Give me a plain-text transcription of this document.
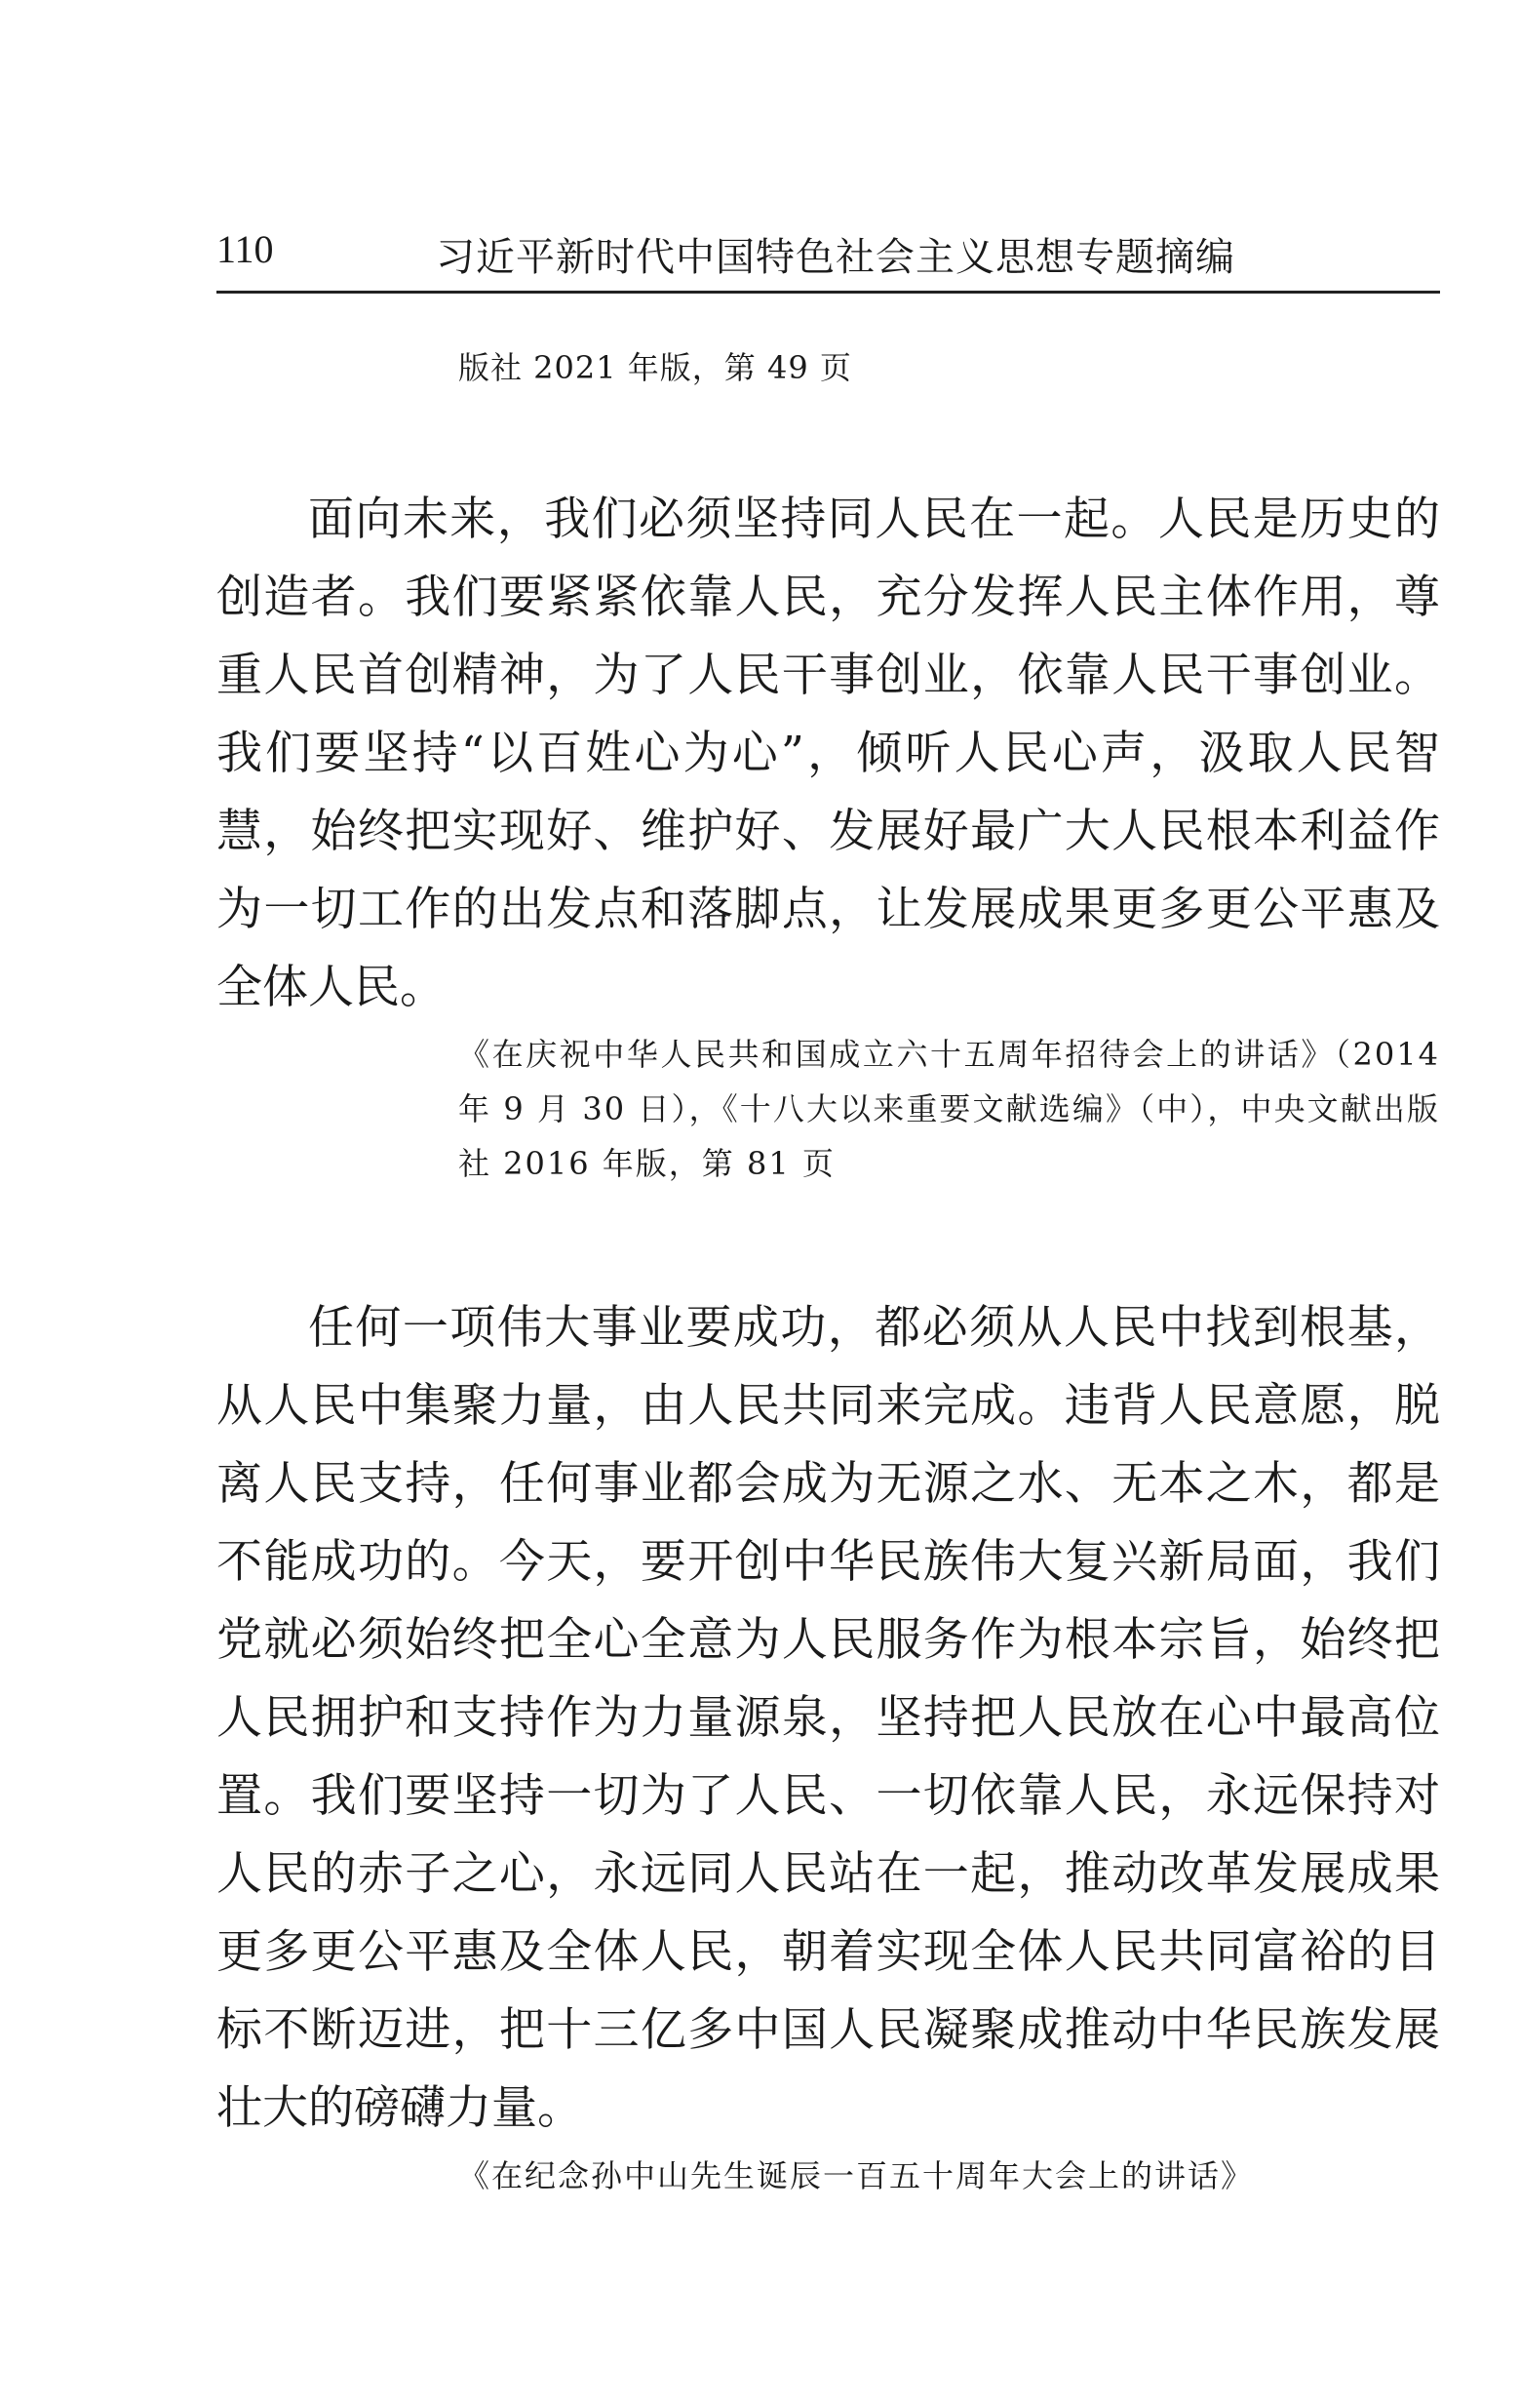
110	习近平新时代中国特色社会主义思想专题摘编
版社 2021 年版，第 49 页

面向未来，我们必须坚持同人民在一起。人民是历史的创造者。我们要紧紧依靠人民，充分发挥人民主体作用，尊重人民首创精神，为了人民干事创业，依靠人民干事创业。我们要坚持“以百姓心为心”，倾听人民心声，汲取人民智慧，始终把实现好、维护好、发展好最广大人民根本利益作为一切工作的出发点和落脚点，让发展成果更多更公平惠及全体人民。

《在庆祝中华人民共和国成立六十五周年招待会上的讲话》（2014 年 9 月 30 日），《十八大以来重要文献选编》（中），中央文献出版社 2016 年版，第 81 页

任何一项伟大事业要成功，都必须从人民中找到根基，从人民中集聚力量，由人民共同来完成。违背人民意愿，脱离人民支持，任何事业都会成为无源之水、无本之木，都是不能成功的。今天，要开创中华民族伟大复兴新局面，我们党就必须始终把全心全意为人民服务作为根本宗旨，始终把人民拥护和支持作为力量源泉，坚持把人民放在心中最高位置。我们要坚持一切为了人民、一切依靠人民，永远保持对人民的赤子之心，永远同人民站在一起，推动改革发展成果更多更公平惠及全体人民，朝着实现全体人民共同富裕的目标不断迈进，把十三亿多中国人民凝聚成推动中华民族发展壮大的磅礴力量。

《在纪念孙中山先生诞辰一百五十周年大会上的讲话》
